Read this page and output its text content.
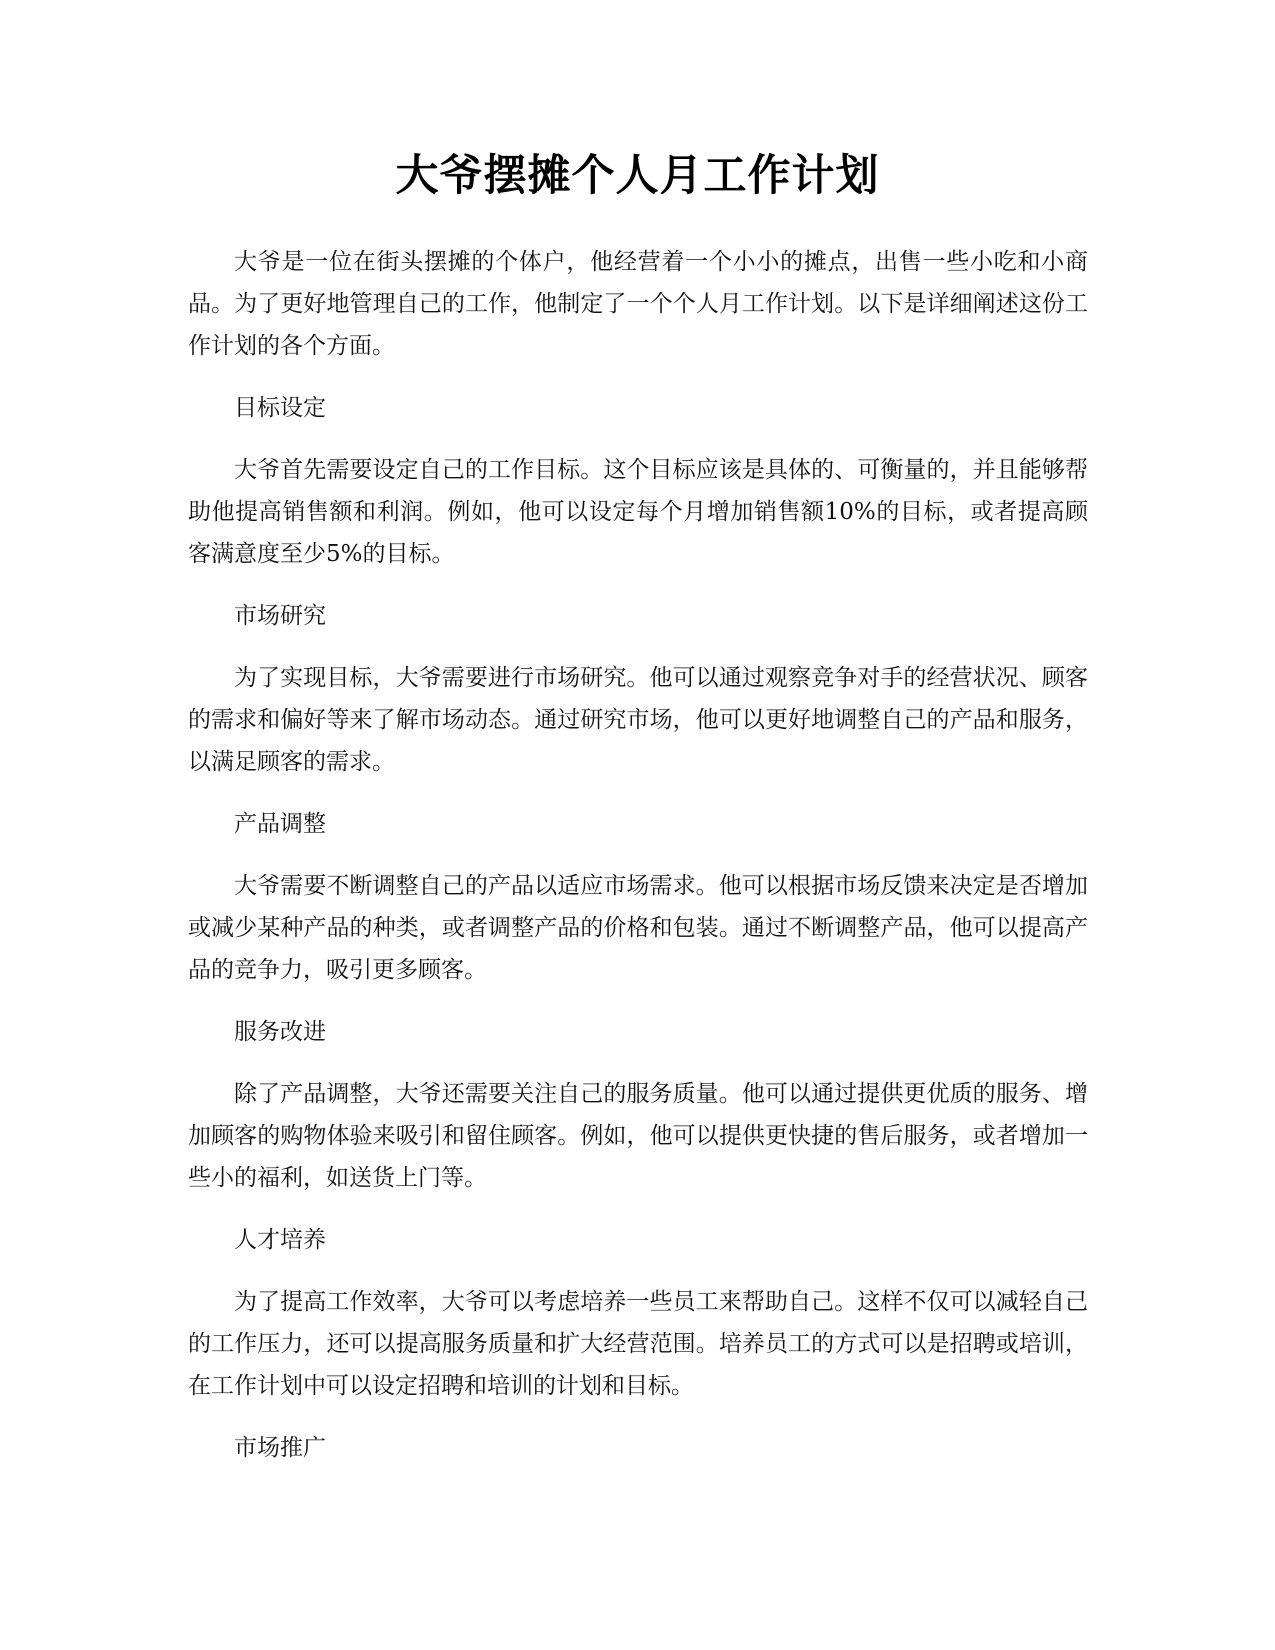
大爷摆摊个人月工作计划

大爷是一位在街头摆摊的个体户，他经营着一个小小的摊点，出售一些小吃和小商品。为了更好地管理自己的工作，他制定了一个个人月工作计划。以下是详细阐述这份工作计划的各个方面。

目标设定

大爷首先需要设定自己的工作目标。这个目标应该是具体的、可衡量的，并且能够帮助他提高销售额和利润。例如，他可以设定每个月增加销售额10%的目标，或者提高顾客满意度至少5%的目标。

市场研究

为了实现目标，大爷需要进行市场研究。他可以通过观察竞争对手的经营状况、顾客的需求和偏好等来了解市场动态。通过研究市场，他可以更好地调整自己的产品和服务，以满足顾客的需求。

产品调整

大爷需要不断调整自己的产品以适应市场需求。他可以根据市场反馈来决定是否增加或减少某种产品的种类，或者调整产品的价格和包装。通过不断调整产品，他可以提高产品的竞争力，吸引更多顾客。

服务改进

除了产品调整，大爷还需要关注自己的服务质量。他可以通过提供更优质的服务、增加顾客的购物体验来吸引和留住顾客。例如，他可以提供更快捷的售后服务，或者增加一些小的福利，如送货上门等。

人才培养

为了提高工作效率，大爷可以考虑培养一些员工来帮助自己。这样不仅可以减轻自己的工作压力，还可以提高服务质量和扩大经营范围。培养员工的方式可以是招聘或培训，在工作计划中可以设定招聘和培训的计划和目标。

市场推广
